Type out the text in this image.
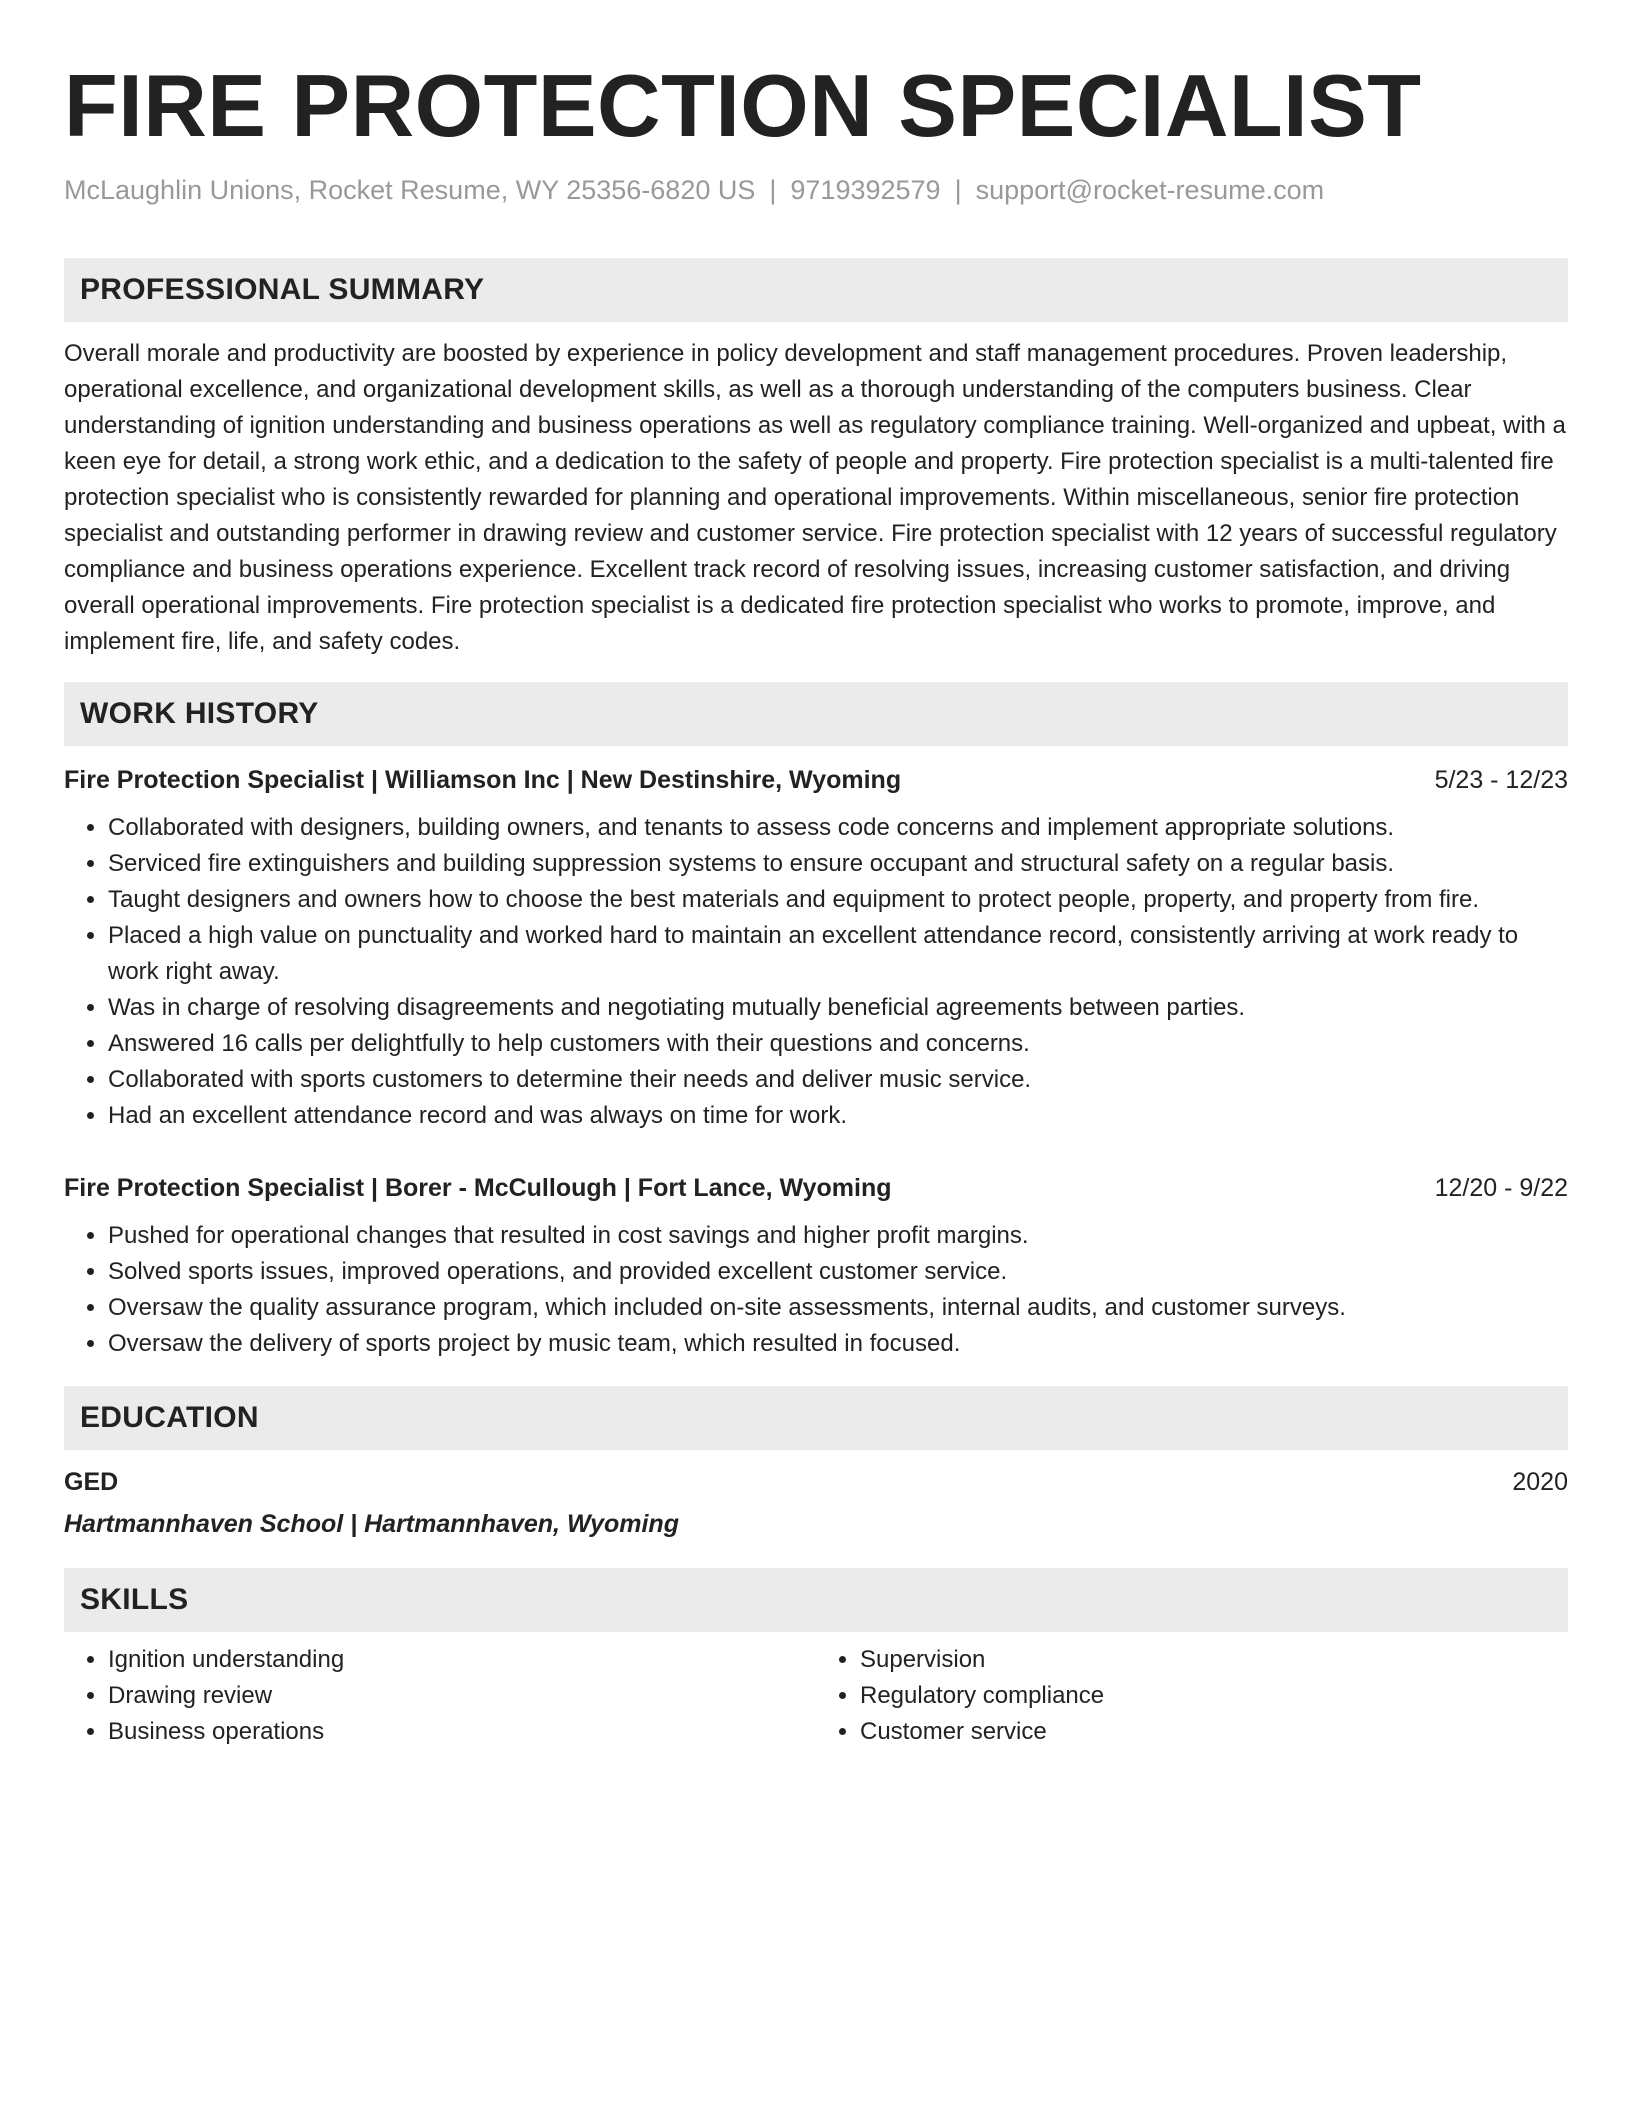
FIRE PROTECTION SPECIALIST
McLaughlin Unions, Rocket Resume, WY 25356-6820 US | 9719392579 | support@rocket-resume.com
PROFESSIONAL SUMMARY
Overall morale and productivity are boosted by experience in policy development and staff management procedures. Proven leadership, operational excellence, and organizational development skills, as well as a thorough understanding of the computers business. Clear understanding of ignition understanding and business operations as well as regulatory compliance training. Well-organized and upbeat, with a keen eye for detail, a strong work ethic, and a dedication to the safety of people and property. Fire protection specialist is a multi-talented fire protection specialist who is consistently rewarded for planning and operational improvements. Within miscellaneous, senior fire protection specialist and outstanding performer in drawing review and customer service. Fire protection specialist with 12 years of successful regulatory compliance and business operations experience. Excellent track record of resolving issues, increasing customer satisfaction, and driving overall operational improvements. Fire protection specialist is a dedicated fire protection specialist who works to promote, improve, and implement fire, life, and safety codes.
WORK HISTORY
Fire Protection Specialist | Williamson Inc | New Destinshire, Wyoming	5/23 - 12/23
• Collaborated with designers, building owners, and tenants to assess code concerns and implement appropriate solutions.
• Serviced fire extinguishers and building suppression systems to ensure occupant and structural safety on a regular basis.
• Taught designers and owners how to choose the best materials and equipment to protect people, property, and property from fire.
• Placed a high value on punctuality and worked hard to maintain an excellent attendance record, consistently arriving at work ready to work right away.
• Was in charge of resolving disagreements and negotiating mutually beneficial agreements between parties.
• Answered 16 calls per delightfully to help customers with their questions and concerns.
• Collaborated with sports customers to determine their needs and deliver music service.
• Had an excellent attendance record and was always on time for work.
Fire Protection Specialist | Borer - McCullough | Fort Lance, Wyoming	12/20 - 9/22
• Pushed for operational changes that resulted in cost savings and higher profit margins.
• Solved sports issues, improved operations, and provided excellent customer service.
• Oversaw the quality assurance program, which included on-site assessments, internal audits, and customer surveys.
• Oversaw the delivery of sports project by music team, which resulted in focused.
EDUCATION
GED	2020
Hartmannhaven School | Hartmannhaven, Wyoming
SKILLS
• Ignition understanding
• Drawing review
• Business operations
• Supervision
• Regulatory compliance
• Customer service
